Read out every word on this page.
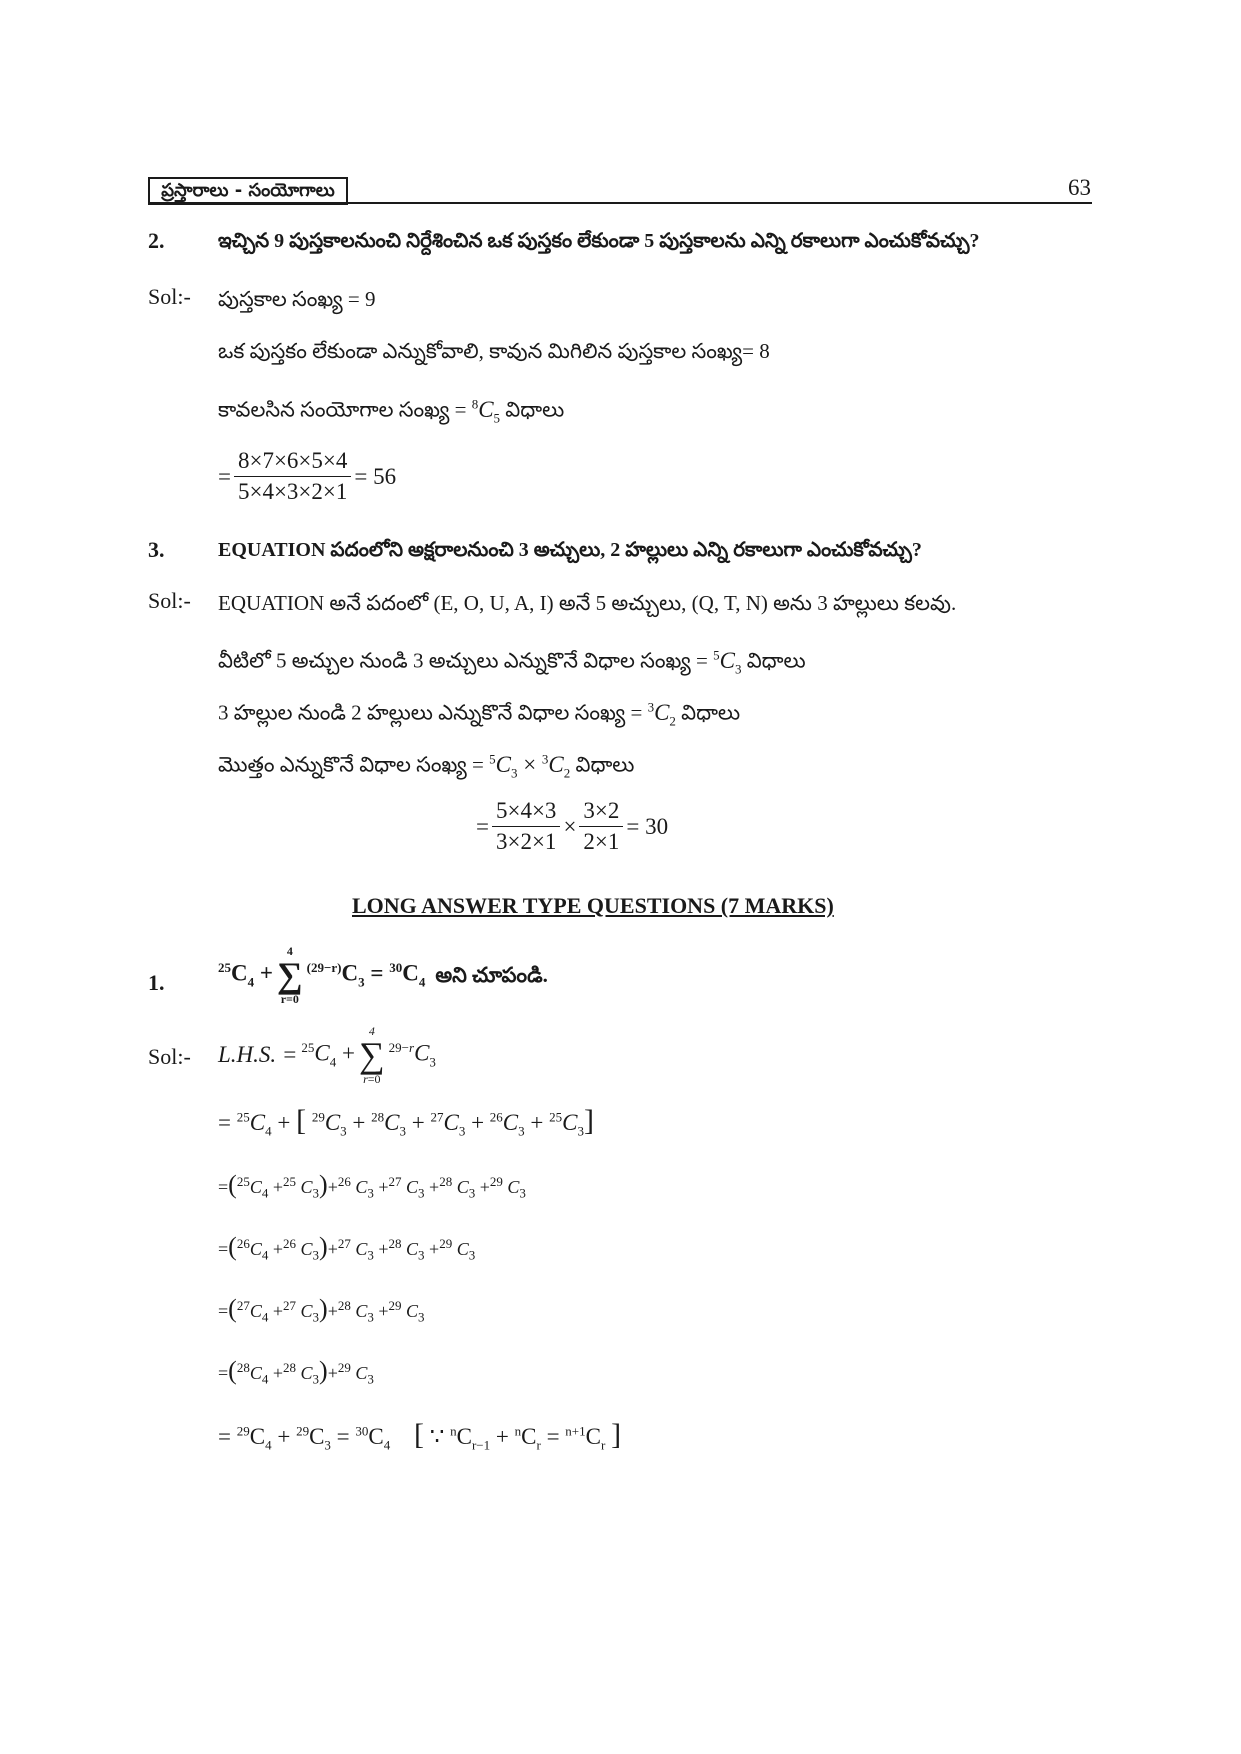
ప్రస్తారాలు - సంయోగాలు	63
2.	ఇచ్చిన 9 పుస్తకాలనుంచి నిర్దేశించిన ఒక పుస్తకం లేకుండా 5 పుస్తకాలను ఎన్ని రకాలుగా ఎంచుకోవచ్చు?
Sol:- పుస్తకాల సంఖ్య = 9
ఒక పుస్తకం లేకుండా ఎన్నుకోవాలి, కావున మిగిలిన పుస్తకాల సంఖ్య= 8
కావలసిన సంయోగాల సంఖ్య = $^8C_5$ విధాలు
= $\frac{8\times 7\times 6\times 5\times 4}{5\times 4\times 3\times 2\times 1} = 56$
3.	EQUATION పదంలోని అక్షరాలనుంచి 3 అచ్చులు, 2 హల్లులు ఎన్ని రకాలుగా ఎంచుకోవచ్చు?
Sol:- EQUATION అనే పదంలో (E, O, U, A, I) అనే 5 అచ్చులు, (Q, T, N) అను 3 హల్లులు కలవు.
వీటిలో 5 అచ్చుల నుండి 3 అచ్చులు ఎన్నుకొనే విధాల సంఖ్య = $^5C_3$ విధాలు
3 హల్లుల నుండి 2 హల్లులు ఎన్నుకొనే విధాల సంఖ్య = $^3C_2$ విధాలు
మొత్తం ఎన్నుకొనే విధాల సంఖ్య = $^5C_3 \times ^3C_2$ విధాలు
= $\frac{5\times 4\times 3}{3\times 2\times 1} \times \frac{3\times 2}{2\times 1} = 30$
LONG ANSWER TYPE QUESTIONS (7 MARKS)
1.
$^{25}C_4$ +
4
∑
r=0
$^{(29-r)}C_3 = ^{30}C_4$ అని చూపండి.
Sol:- L.H.S. = $^{25}C_4$ +
4
∑
r=0
$^{29-r}C_3$
= $^{25}C_4$ + [ $^{29}C_3 + ^{28}C_3 + ^{27}C_3 + ^{26}C_3 + ^{25}C_3$]
$=(^{25}C_4 +^{25}$ $C_3)+^{26}$ $C_3 +^{27}$ $C_3 +^{28}$ $C_3 +^{29}$ $C_3$
$=(^{26}C_4 +^{26}$ $C_3)+^{27}$ $C_3 +^{28}$ $C_3 +^{29}$ $C_3$
$=(^{27}C_4 +^{27}$ $C_3)+^{28}$ $C_3 +^{29}$ $C_3$
$=(^{28}C_4 +^{28}$ $C_3)+^{29}$ $C_3$
= $^{29}C_4 + ^{29}C_3 = ^{30}C_4$ [ ∵ $^nC_{r-1} + ^nC_r = ^{n+1}C_r$ ]
